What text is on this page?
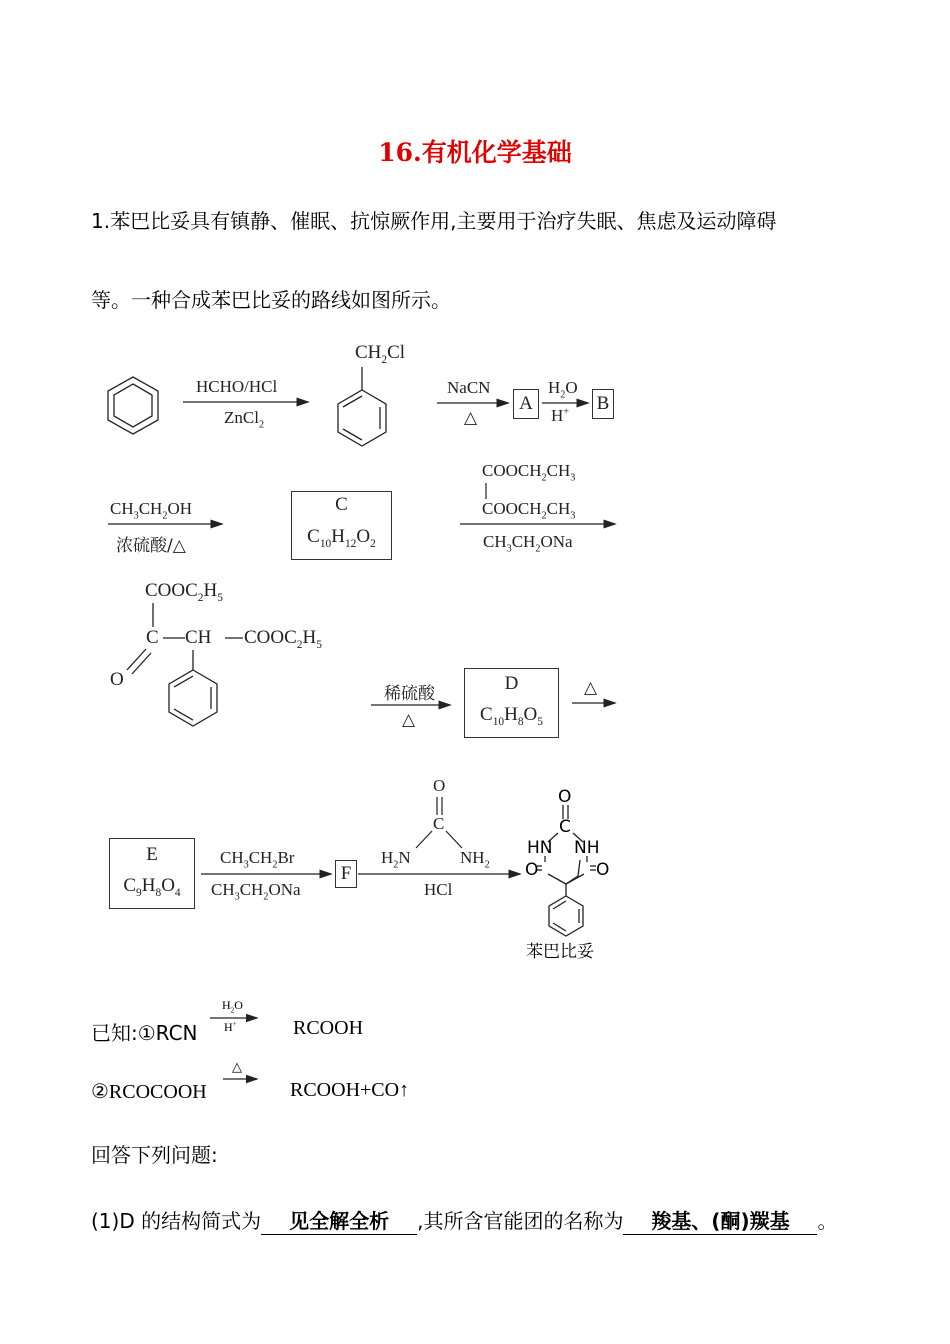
16.有机化学基础
1.苯巴比妥具有镇静、催眠、抗惊厥作用,主要用于治疗失眠、焦虑及运动障碍
等。一种合成苯巴比妥的路线如图所示。
HCHO/HCl
ZnCl$_2$
$CH_2Cl$
NaCN
△
A
$H_2O$
H+ B
$CH_3CH_2OH$
浓硫酸/△
C
$C_{10}H_{12}O_2$
$COOCH_2CH_3$
$COOCH_2CH_3$
$CH_3CH_2ONa$
$COOC_2H_5$
C CH $COOC_2H_5$
O
稀硫酸
△
D
$C_{10}H_8O_5$
△
E
$C_9H_8O_4$
$CH_3CH_2Br$
$CH_3CH_2ONa$
F
O
C
$H_2N$	$NH_2$
HCl
O
C
HN NH
O	O
苯巴比妥
已知:①RCN
$H_2O$
H+	RCOOH
②RCOCOOH
△
RCOOH+CO↑
回答下列问题:
(1)D 的结构简式为 见全解全析 ,其所含官能团的名称为 羧基、(酮)羰基 。
